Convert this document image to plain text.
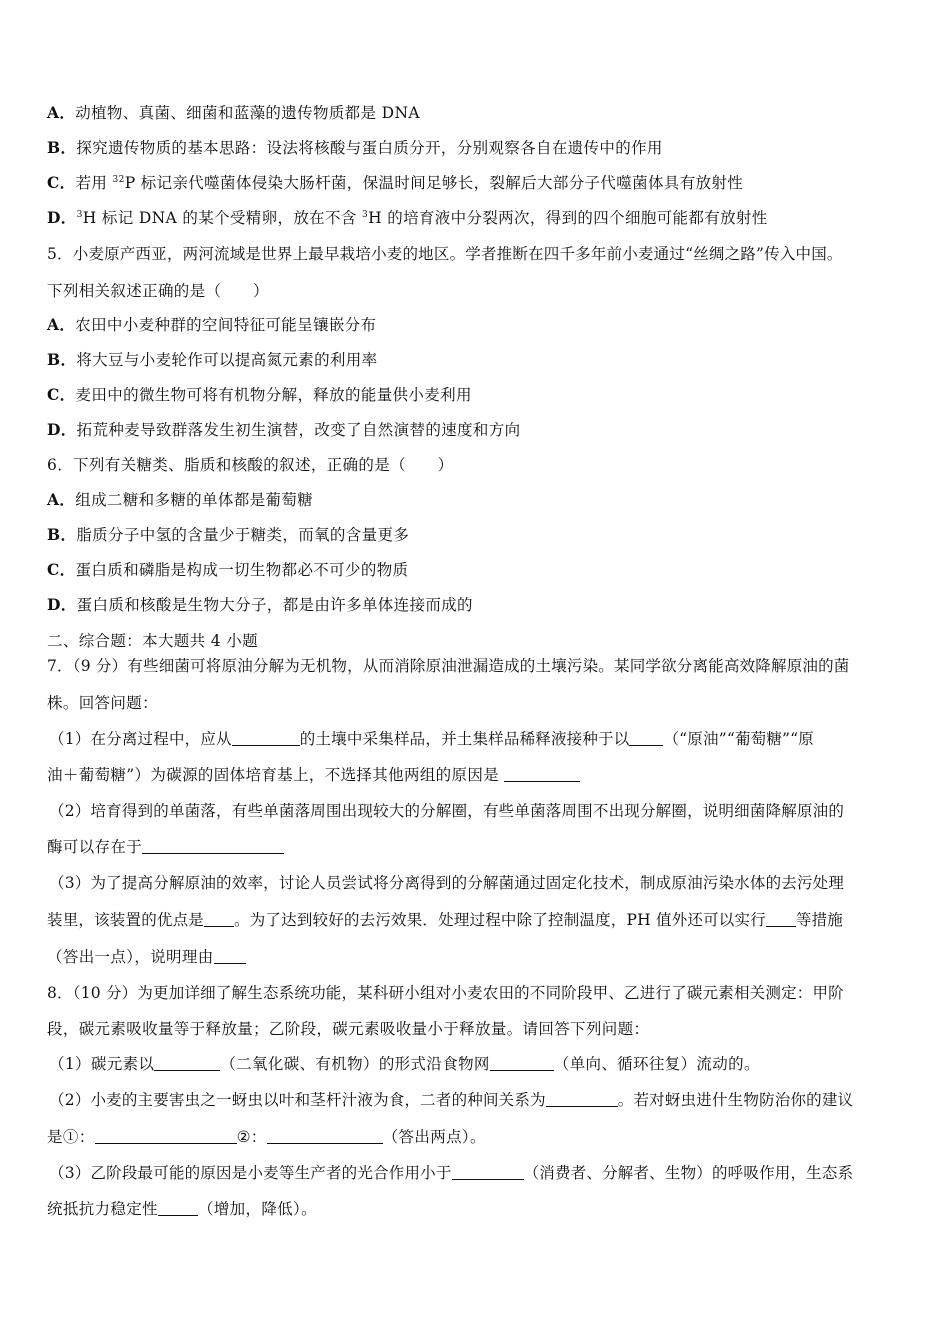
A．动植物、真菌、细菌和蓝藻的遗传物质都是 DNA
B．探究遗传物质的基本思路：设法将核酸与蛋白质分开，分别观察各自在遗传中的作用
C．若用 $^{32}$P 标记亲代噬菌体侵染大肠杆菌，保温时间足够长，裂解后大部分子代噬菌体具有放射性
D．$^3$H 标记 DNA 的某个受精卵，放在不含 $^3$H 的培育液中分裂两次，得到的四个细胞可能都有放射性
5．小麦原产西亚，两河流域是世界上最早栽培小麦的地区。学者推断在四千多年前小麦通过“丝绸之路”传入中国。
下列相关叙述正确的是（　　）
A．农田中小麦种群的空间特征可能呈镶嵌分布
B．将大豆与小麦轮作可以提高氮元素的利用率
C．麦田中的微生物可将有机物分解，释放的能量供小麦利用
D．拓荒种麦导致群落发生初生演替，改变了自然演替的速度和方向
6．下列有关糖类、脂质和核酸的叙述，正确的是（　　）
A．组成二糖和多糖的单体都是葡萄糖
B．脂质分子中氢的含量少于糖类，而氧的含量更多
C．蛋白质和磷脂是构成一切生物都必不可少的物质
D．蛋白质和核酸是生物大分子，都是由许多单体连接而成的
二、综合题：本大题共 4 小题
7．（9 分）有些细菌可将原油分解为无机物，从而消除原油泄漏造成的土壤污染。某同学欲分离能高效降解原油的菌
株。回答问题：
（1）在分离过程中，应从	的土壤中采集样品，并土集样品稀释液接种于以 （“原油”“葡萄糖”“原
油＋葡萄糖”）为碳源的固体培育基上，不选择其他两组的原因是
（2）培育得到的单菌落，有些单菌落周围出现较大的分解圈，有些单菌落周围不出现分解圈，说明细菌降解原油的
酶可以存在于
（3）为了提高分解原油的效率，讨论人员尝试将分离得到的分解菌通过固定化技术，制成原油污染水体的去污处理
装里，该装置的优点是 。为了达到较好的去污效果．处理过程中除了控制温度，PH 值外还可以实行 等措施
（答出一点），说明理由
8．（10 分）为更加详细了解生态系统功能，某科研小组对小麦农田的不同阶段甲、乙进行了碳元素相关测定：甲阶
段，碳元素吸收量等于释放量；乙阶段，碳元素吸收量小于释放量。请回答下列问题：
（1）碳元素以	（二氧化碳、有机物）的形式沿食物网	（单向、循环往复）流动的。
（2）小麦的主要害虫之一蚜虫以叶和茎杆汁液为食，二者的种间关系为	。若对蚜虫进什生物防治你的建议
是①：	②：	（答出两点）。
（3）乙阶段最可能的原因是小麦等生产者的光合作用小于	（消费者、分解者、生物）的呼吸作用，生态系
统抵抗力稳定性	（增加，降低）。
